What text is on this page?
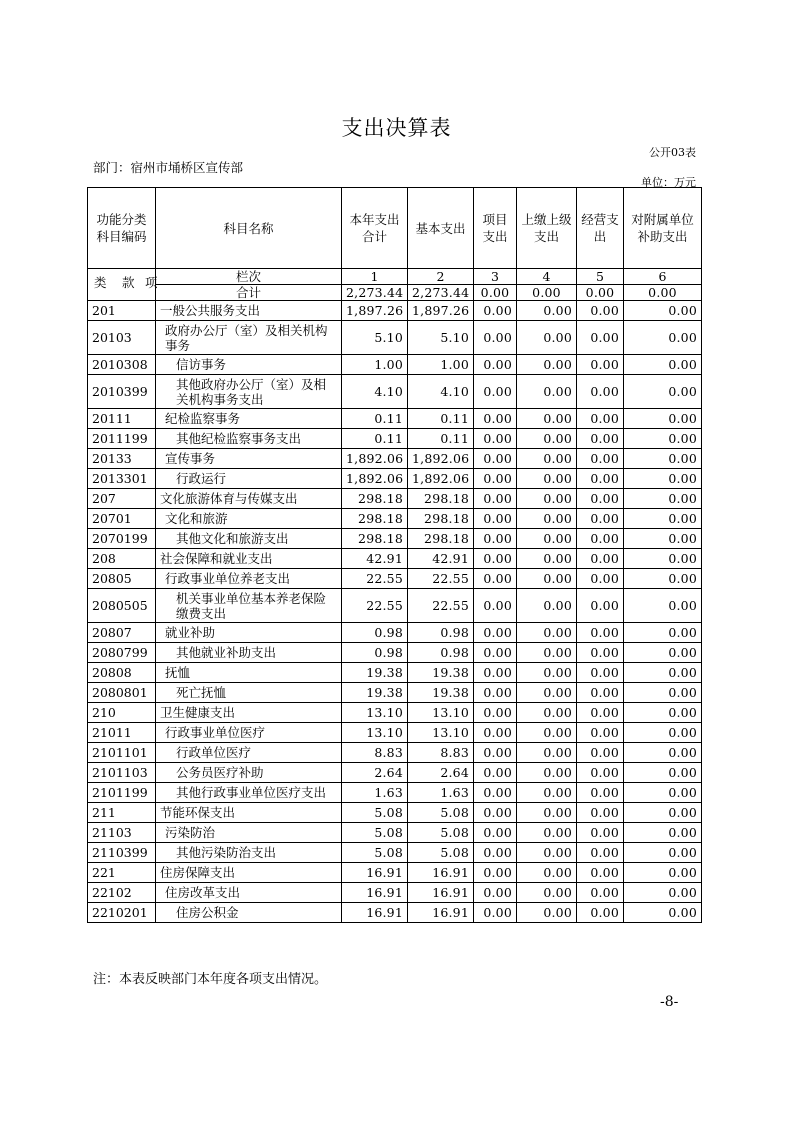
支出决算表
公开03表
部门：宿州市埇桥区宣传部
单位：万元
功能分类科目编码	科目名称	本年支出合计	基本支出	项目支出	上缴上级支出	经营支出	对附属单位补助支出

类 款 项	栏次	1	2	3	4	5	6
	合计	2,273.44	2,273.44	0.00	0.00	0.00	0.00
201	一般公共服务支出	1,897.26	1,897.26	0.00	0.00	0.00	0.00
20103	政府办公厅（室）及相关机构事务	5.10	5.10	0.00	0.00	0.00	0.00
2010308	信访事务	1.00	1.00	0.00	0.00	0.00	0.00
2010399	其他政府办公厅（室）及相关机构事务支出	4.10	4.10	0.00	0.00	0.00	0.00
20111	纪检监察事务	0.11	0.11	0.00	0.00	0.00	0.00
2011199	其他纪检监察事务支出	0.11	0.11	0.00	0.00	0.00	0.00
20133	宣传事务	1,892.06	1,892.06	0.00	0.00	0.00	0.00
2013301	行政运行	1,892.06	1,892.06	0.00	0.00	0.00	0.00
207	文化旅游体育与传媒支出	298.18	298.18	0.00	0.00	0.00	0.00
20701	文化和旅游	298.18	298.18	0.00	0.00	0.00	0.00
2070199	其他文化和旅游支出	298.18	298.18	0.00	0.00	0.00	0.00
208	社会保障和就业支出	42.91	42.91	0.00	0.00	0.00	0.00
20805	行政事业单位养老支出	22.55	22.55	0.00	0.00	0.00	0.00
2080505	机关事业单位基本养老保险缴费支出	22.55	22.55	0.00	0.00	0.00	0.00
20807	就业补助	0.98	0.98	0.00	0.00	0.00	0.00
2080799	其他就业补助支出	0.98	0.98	0.00	0.00	0.00	0.00
20808	抚恤	19.38	19.38	0.00	0.00	0.00	0.00
2080801	死亡抚恤	19.38	19.38	0.00	0.00	0.00	0.00
210	卫生健康支出	13.10	13.10	0.00	0.00	0.00	0.00
21011	行政事业单位医疗	13.10	13.10	0.00	0.00	0.00	0.00
2101101	行政单位医疗	8.83	8.83	0.00	0.00	0.00	0.00
2101103	公务员医疗补助	2.64	2.64	0.00	0.00	0.00	0.00
2101199	其他行政事业单位医疗支出	1.63	1.63	0.00	0.00	0.00	0.00
211	节能环保支出	5.08	5.08	0.00	0.00	0.00	0.00
21103	污染防治	5.08	5.08	0.00	0.00	0.00	0.00
2110399	其他污染防治支出	5.08	5.08	0.00	0.00	0.00	0.00
221	住房保障支出	16.91	16.91	0.00	0.00	0.00	0.00
22102	住房改革支出	16.91	16.91	0.00	0.00	0.00	0.00
2210201	住房公积金	16.91	16.91	0.00	0.00	0.00	0.00
注：本表反映部门本年度各项支出情况。
-8-
